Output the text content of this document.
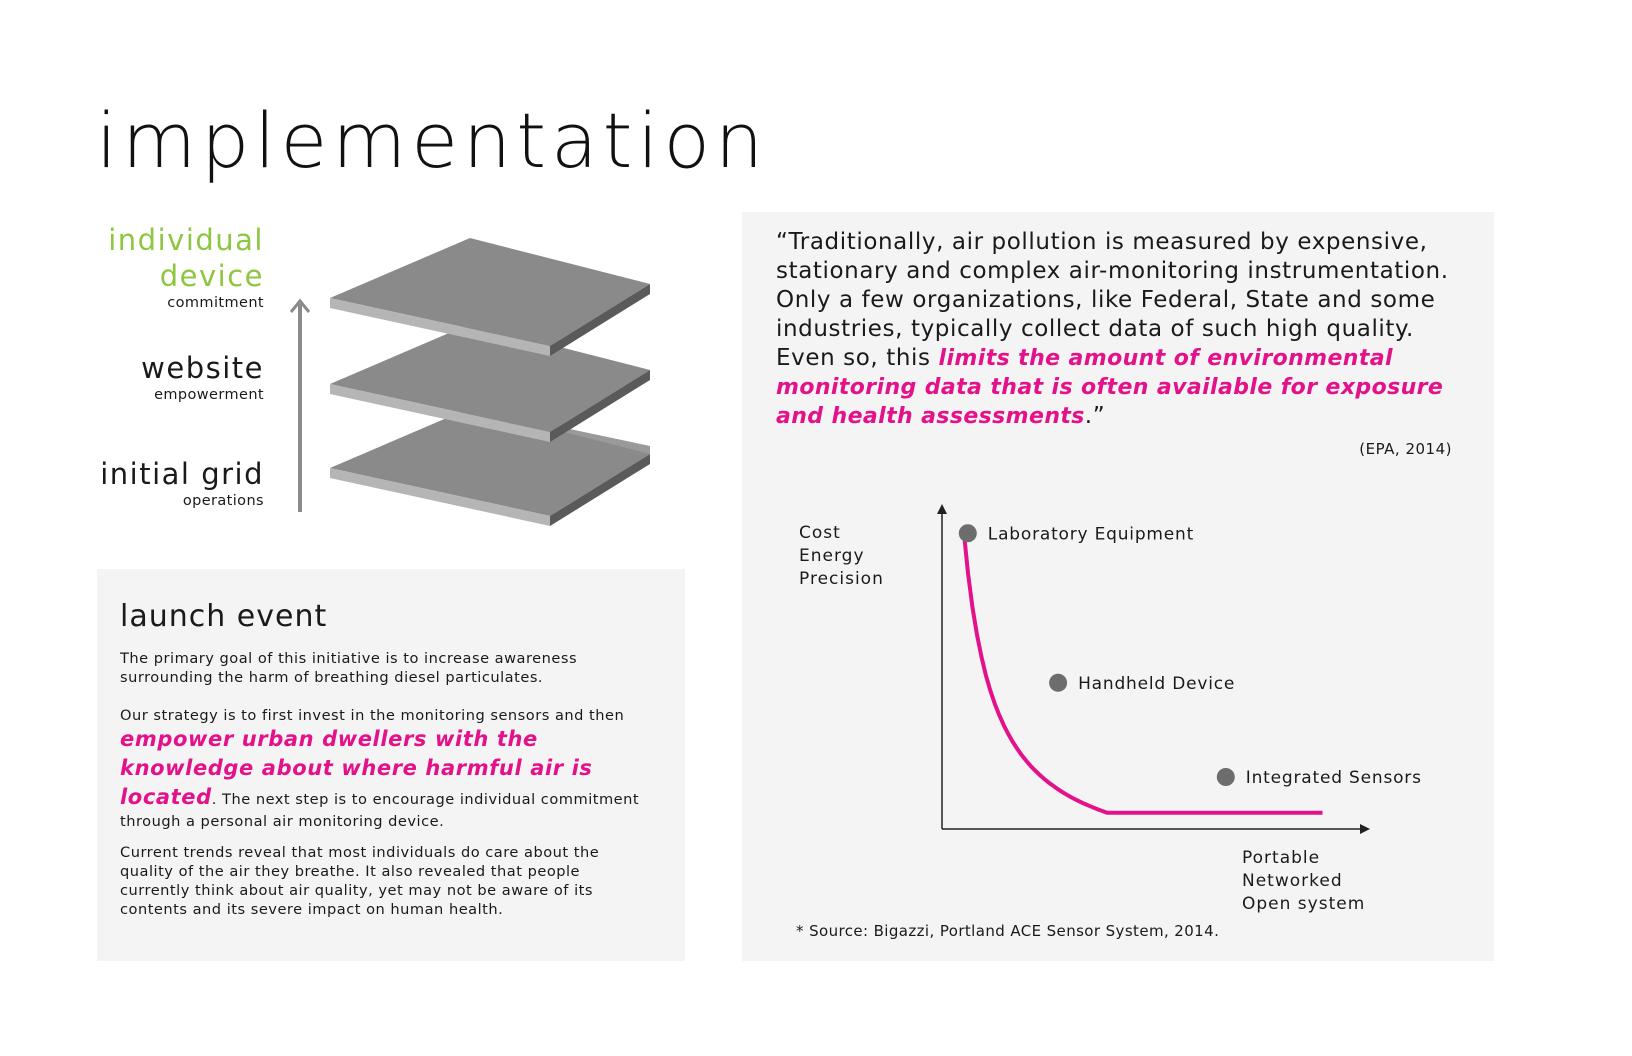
implementation
individual
device
commitment
website
empowerment
initial grid
operations
launch event

The primary goal of this initiative is to increase awareness surrounding the harm of breathing diesel particulates.

Our strategy is to first invest in the monitoring sensors and then
empower urban dwellers with the knowledge about where harmful air is located. The next step is to encourage individual commitment through a personal air monitoring device.

Current trends reveal that most individuals do care about the quality of the air they breathe. It also revealed that people currently think about air quality, yet may not be aware of its contents and its severe impact on human health.

“Traditionally, air pollution is measured by expensive, stationary and complex air-monitoring instrumentation. Only a few organizations, like Federal, State and some industries, typically collect data of such high quality. Even so, this limits the amount of environmental monitoring data that is often available for exposure and health assessments.”

(EPA, 2014)
Cost
Energy
Precision
Portable
Networked
Open system
Laboratory Equipment
Handheld Device
Integrated Sensors
* Source: Bigazzi, Portland ACE Sensor System, 2014.
